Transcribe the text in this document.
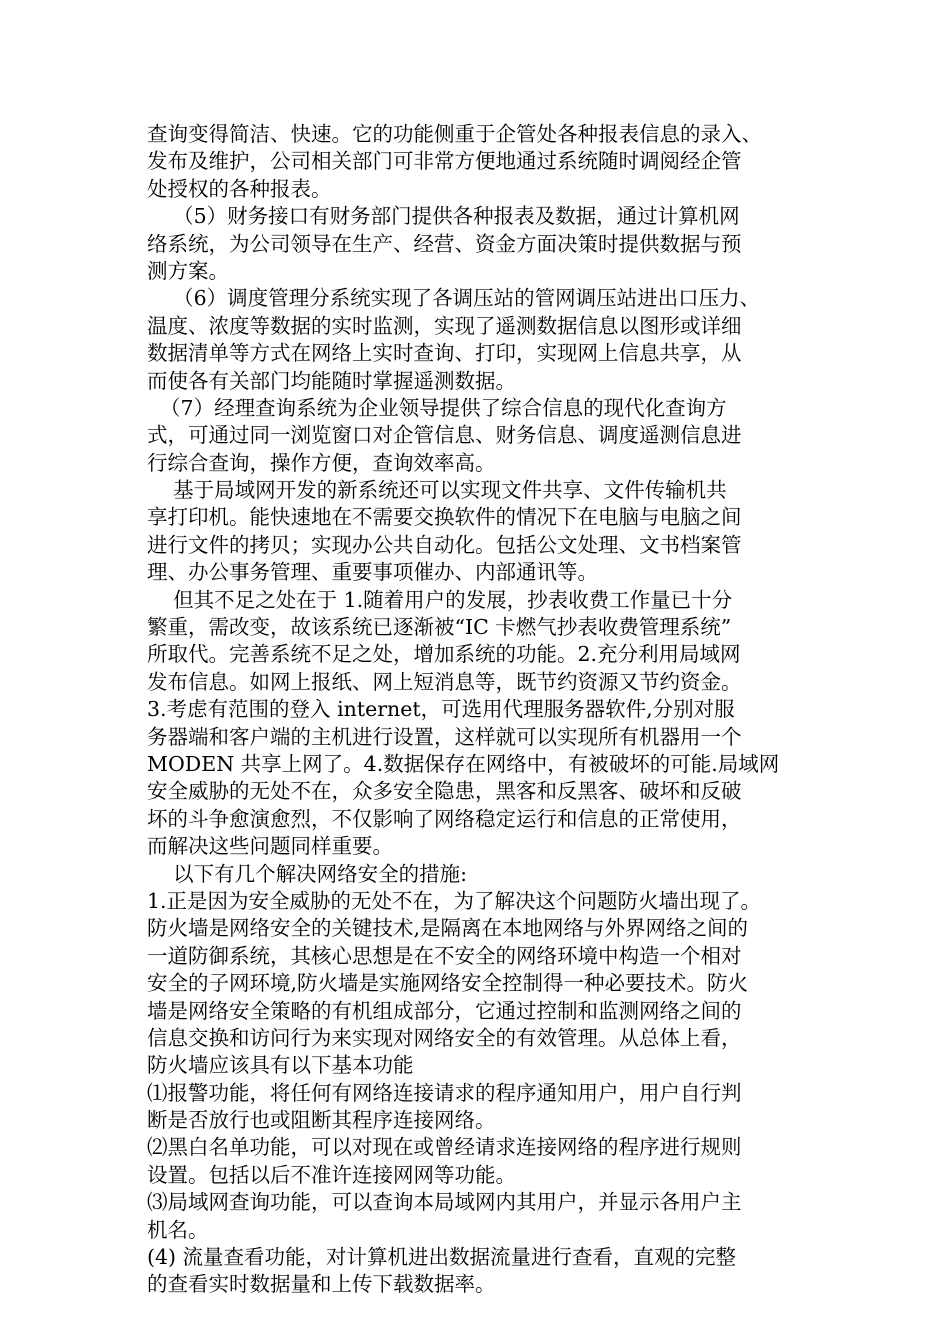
查询变得简洁、快速。它的功能侧重于企管处各种报表信息的录入、
发布及维护，公司相关部门可非常方便地通过系统随时调阅经企管
处授权的各种报表。
（5）财务接口有财务部门提供各种报表及数据，通过计算机网
络系统，为公司领导在生产、经营、资金方面决策时提供数据与预
测方案。
（6）调度管理分系统实现了各调压站的管网调压站进出口压力、
温度、浓度等数据的实时监测，实现了遥测数据信息以图形或详细
数据清单等方式在网络上实时查询、打印，实现网上信息共享，从
而使各有关部门均能随时掌握遥测数据。
（7）经理查询系统为企业领导提供了综合信息的现代化查询方
式，可通过同一浏览窗口对企管信息、财务信息、调度遥测信息进
行综合查询，操作方便，查询效率高。
基于局域网开发的新系统还可以实现文件共享、文件传输机共
享打印机。能快速地在不需要交换软件的情况下在电脑与电脑之间
进行文件的拷贝；实现办公共自动化。包括公文处理、文书档案管
理、办公事务管理、重要事项催办、内部通讯等。
但其不足之处在于 1.随着用户的发展，抄表收费工作量已十分
繁重，需改变，故该系统已逐渐被“IC 卡燃气抄表收费管理系统”
所取代。完善系统不足之处，增加系统的功能。2.充分利用局域网
发布信息。如网上报纸、网上短消息等，既节约资源又节约资金。
3.考虑有范围的登入 internet，可选用代理服务器软件,分别对服
务器端和客户端的主机进行设置，这样就可以实现所有机器用一个
MODEN 共享上网了。4.数据保存在网络中，有被破坏的可能.局域网
安全威胁的无处不在，众多安全隐患，黑客和反黑客、破坏和反破
坏的斗争愈演愈烈，不仅影响了网络稳定运行和信息的正常使用，
而解决这些问题同样重要。
以下有几个解决网络安全的措施:
1.正是因为安全威胁的无处不在，为了解决这个问题防火墙出现了。
防火墙是网络安全的关键技术,是隔离在本地网络与外界网络之间的
一道防御系统，其核心思想是在不安全的网络环境中构造一个相对
安全的子网环境,防火墙是实施网络安全控制得一种必要技术。防火
墙是网络安全策略的有机组成部分，它通过控制和监测网络之间的
信息交换和访问行为来实现对网络安全的有效管理。从总体上看，
防火墙应该具有以下基本功能
⑴报警功能，将任何有网络连接请求的程序通知用户，用户自行判
断是否放行也或阻断其程序连接网络。
⑵黑白名单功能，可以对现在或曾经请求连接网络的程序进行规则
设置。包括以后不准许连接网网等功能。
⑶局域网查询功能，可以查询本局域网内其用户，并显示各用户主
机名。
(4) 流量查看功能，对计算机进出数据流量进行查看，直观的完整
的查看实时数据量和上传下载数据率。
